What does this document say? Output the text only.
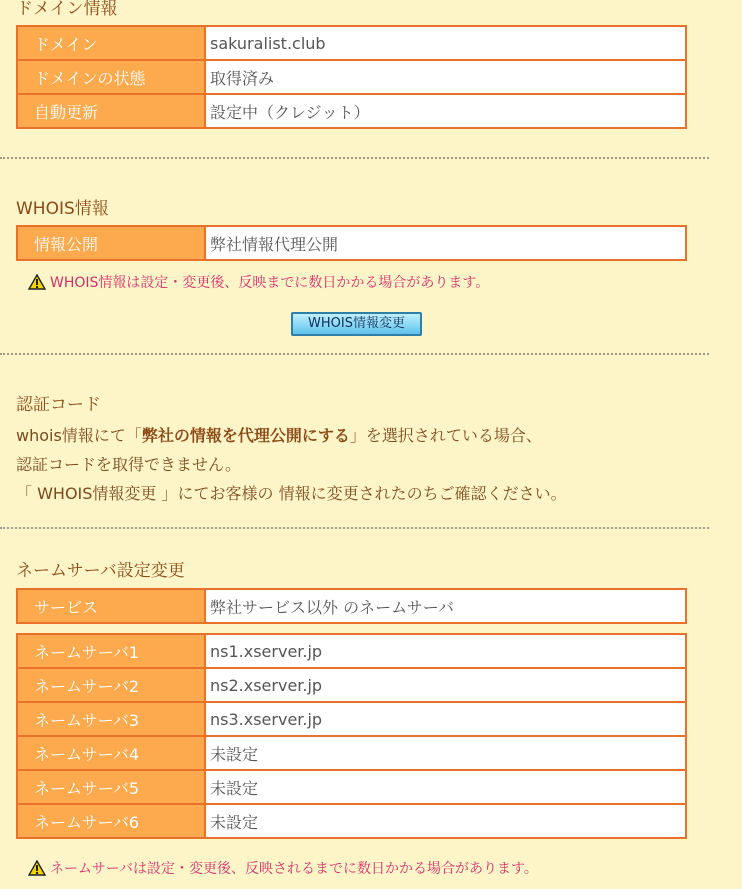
ドメイン情報
ドメイン	sakuralist.club
ドメインの状態	取得済み
自動更新	設定中（クレジット）
WHOIS情報
情報公開	弊社情報代理公開
WHOIS情報は設定・変更後、反映までに数日かかる場合があります。
WHOIS情報変更
認証コード
whois情報にて「弊社の情報を代理公開にする」を選択されている場合、
認証コードを取得できません。
「 WHOIS情報変更 」にてお客様の 情報に変更されたのちご確認ください。
ネームサーバ設定変更
サービス	弊社サービス以外 のネームサーバ
ネームサーバ1	ns1.xserver.jp
ネームサーバ2	ns2.xserver.jp
ネームサーバ3	ns3.xserver.jp
ネームサーバ4	未設定
ネームサーバ5	未設定
ネームサーバ6	未設定
ネームサーバは設定・変更後、反映されるまでに数日かかる場合があります。
